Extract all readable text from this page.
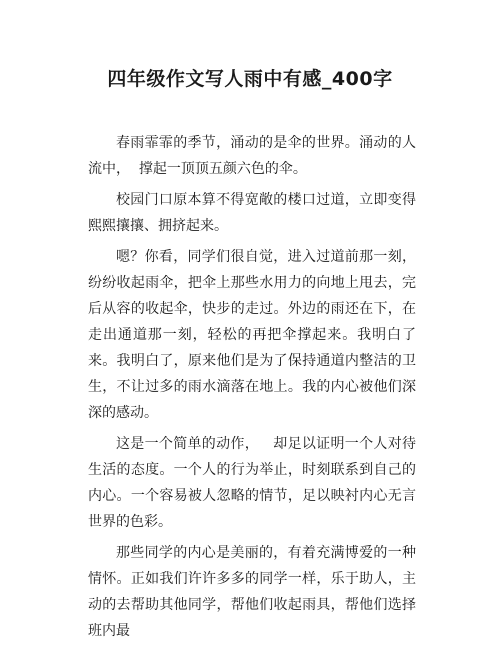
四年级作文写人雨中有感_400字

春雨霏霏的季节，涌动的是伞的世界。涌动的人流中，  撑起一顶顶五颜六色的伞。

校园门口原本算不得宽敞的楼口过道，立即变得熙熙攘攘、拥挤起来。

嗯？你看，同学们很自觉，进入过道前那一刻，纷纷收起雨伞，把伞上那些水用力的向地上甩去，完后从容的收起伞，快步的走过。外边的雨还在下，在走出通道那一刻，轻松的再把伞撑起来。我明白了来。我明白了，原来他们是为了保持通道内整洁的卫生，不让过多的雨水滴落在地上。我的内心被他们深深的感动。

这是一个简单的动作，   却足以证明一个人对待生活的态度。一个人的行为举止，时刻联系到自己的内心。一个容易被人忽略的情节，足以映衬内心无言世界的色彩。

那些同学的内心是美丽的，有着充满博爱的一种情怀。正如我们许许多多的同学一样，乐于助人，主动的去帮助其他同学，帮他们收起雨具，帮他们选择班内最
